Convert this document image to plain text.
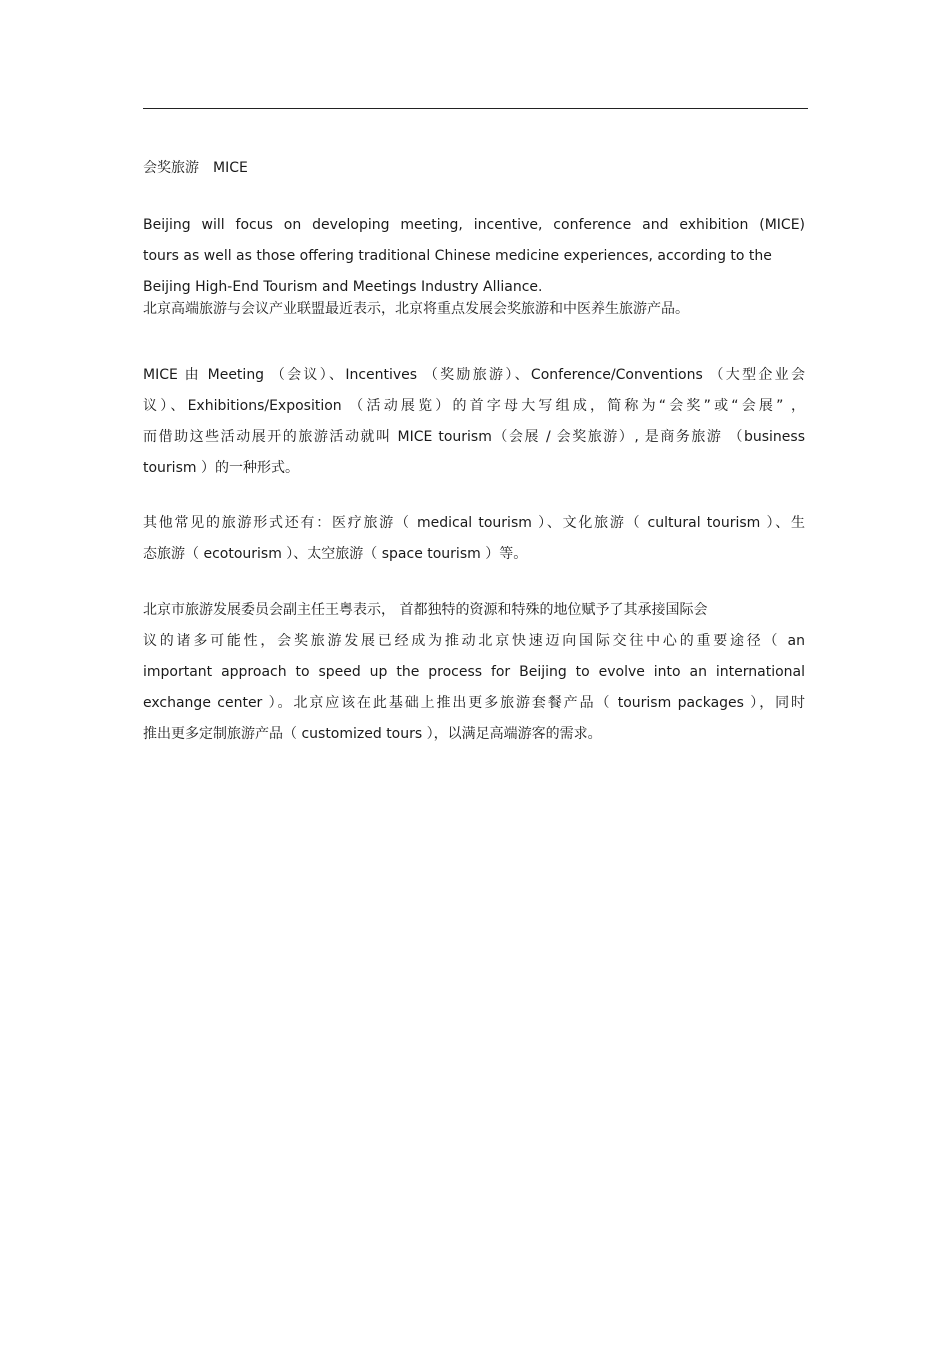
会奖旅游 MICE
Beijing will focus on developing meeting, incentive, conference and exhibition (MICE)
tours as well as those offering traditional Chinese medicine experiences, according to the
Beijing High-End Tourism and Meetings Industry Alliance.
北京高端旅游与会议产业联盟最近表示，北京将重点发展会奖旅游和中医养生旅游产品。
MICE 由 Meeting （会议）、Incentives （奖励旅游）、Conference/Conventions （大型企业会
议）、Exhibitions/Exposition （活动展览）的首字母大写组成，简称为“会奖”或“会展” ，
而借助这些活动展开的旅游活动就叫 MICE tourism（会展 / 会奖旅游）, 是商务旅游 （business
tourism ）的一种形式。
其他常见的旅游形式还有：医疗旅游（ medical tourism ）、文化旅游（ cultural tourism ）、生
态旅游（ ecotourism ）、太空旅游（ space tourism ）等。
北京市旅游发展委员会副主任王粤表示， 首都独特的资源和特殊的地位赋予了其承接国际会
议的诸多可能性，会奖旅游发展已经成为推动北京快速迈向国际交往中心的重要途径（ an
important approach to speed up the process for Beijing to evolve into an international
exchange center ）。北京应该在此基础上推出更多旅游套餐产品（ tourism packages ），同时
推出更多定制旅游产品（ customized tours ），以满足高端游客的需求。
